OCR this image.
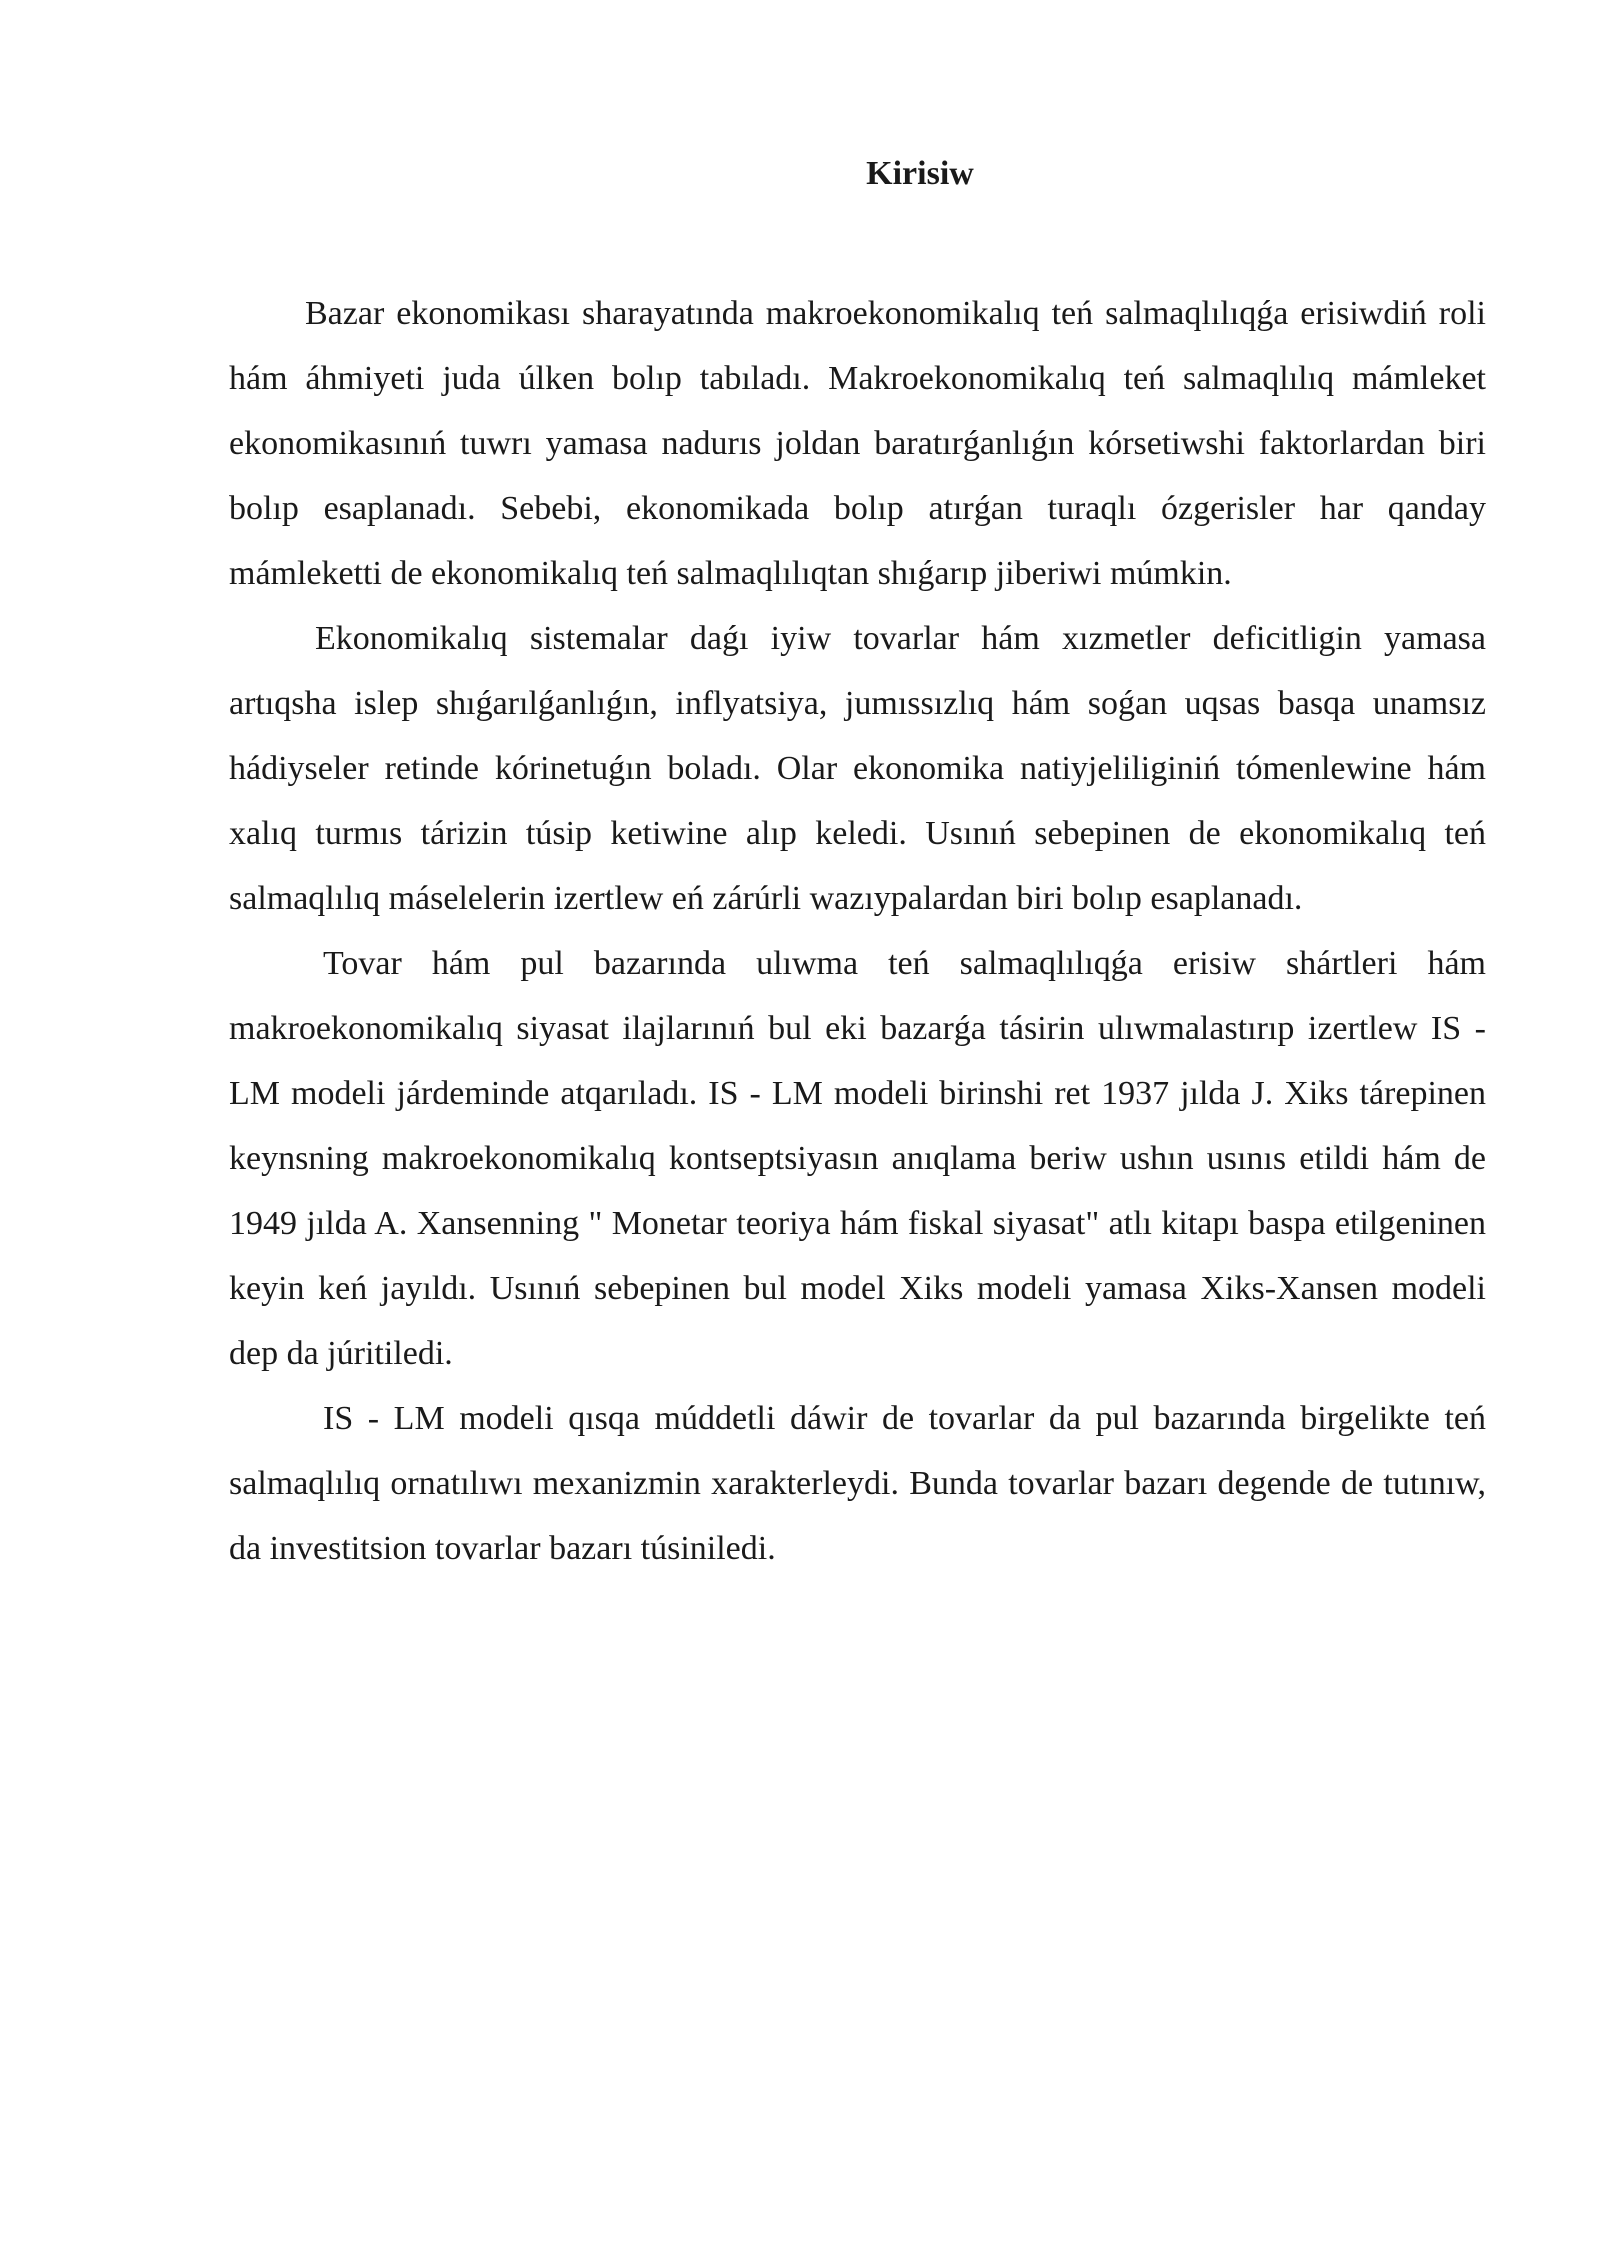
Kirisiw

Bazar ekonomikası sharayatında makroekonomikalıq teń salmaqlılıqǵa erisiwdiń roli hám áhmiyeti juda úlken bolıp tabıladı. Makroekonomikalıq teń salmaqlılıq mámleket ekonomikasınıń tuwrı yamasa nadurıs joldan baratırǵanlıǵın kórsetiwshi faktorlardan biri bolıp esaplanadı. Sebebi, ekonomikada bolıp atırǵan turaqlı ózgerisler har qanday mámleketti de ekonomikalıq teń salmaqlılıqtan shıǵarıp jiberiwi múmkin.

Ekonomikalıq sistemalar daǵı iyiw tovarlar hám xızmetler deficitligin yamasa artıqsha islep shıǵarılǵanlıǵın, inflyatsiya, jumıssızlıq hám soǵan uqsas basqa unamsız hádiyseler retinde kórinetuǵın boladı. Olar ekonomika natiyjeliliginiń tómenlewine hám xalıq turmıs tárizin túsip ketiwine alıp keledi. Usınıń sebepinen de ekonomikalıq teń salmaqlılıq máselelerin izertlew eń zárúrli wazıypalardan biri bolıp esaplanadı.

Tovar hám pul bazarında ulıwma teń salmaqlılıqǵa erisiw shártleri hám makroekonomikalıq siyasat ilajlarınıń bul eki bazarǵa tásirin ulıwmalastırıp izertlew IS - LM modeli járdeminde atqarıladı. IS - LM modeli birinshi ret 1937 jılda J. Xiks tárepinen keynsning makroekonomikalıq kontseptsiyasın anıqlama beriw ushın usınıs etildi hám de 1949 jılda A. Xansenning " Monetar teoriya hám fiskal siyasat" atlı kitapı baspa etilgeninen keyin keń jayıldı. Usınıń sebepinen bul model Xiks modeli yamasa Xiks-Xansen modeli dep da júritiledi.

IS - LM modeli qısqa múddetli dáwir de tovarlar da pul bazarında birgelikte teń salmaqlılıq ornatılıwı mexanizmin xarakterleydi. Bunda tovarlar bazarı degende de tutınıw, da investitsion tovarlar bazarı túsiniledi.
